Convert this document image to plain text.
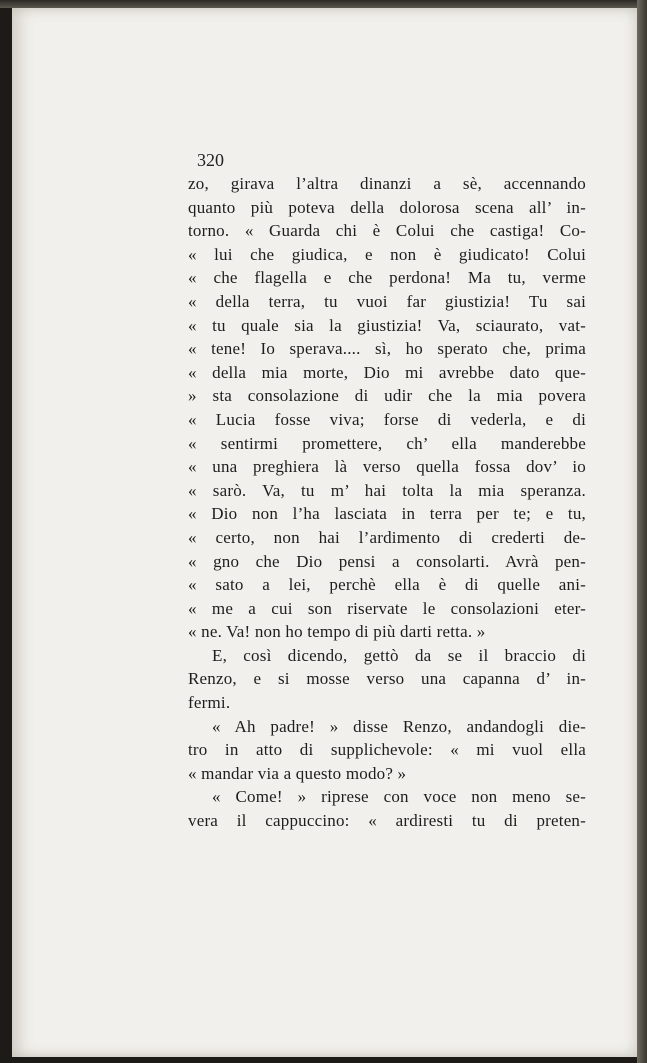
320
zo, girava l’altra dinanzi a sè, accennando
quanto più poteva della dolorosa scena all’ in-
torno. « Guarda chi è Colui che castiga! Co-
« lui che giudica, e non è giudicato! Colui
« che flagella e che perdona! Ma tu, verme
« della terra, tu vuoi far giustizia! Tu sai
« tu quale sia la giustizia! Va, sciaurato, vat-
« tene! Io sperava.... sì, ho sperato che, prima
« della mia morte, Dio mi avrebbe dato que-
» sta consolazione di udir che la mia povera
« Lucia fosse viva; forse di vederla, e di
« sentirmi promettere, ch’ ella manderebbe
« una preghiera là verso quella fossa dov’ io
« sarò. Va, tu m’ hai tolta la mia speranza.
« Dio non l’ha lasciata in terra per te; e tu,
« certo, non hai l’ardimento di crederti de-
« gno che Dio pensi a consolarti. Avrà pen-
« sato a lei, perchè ella è di quelle ani-
« me a cui son riservate le consolazioni eter-
« ne. Va! non ho tempo di più darti retta. »
E, così dicendo, gettò da se il braccio di
Renzo, e si mosse verso una capanna d’ in-
fermi.
« Ah padre! » disse Renzo, andandogli die-
tro in atto di supplichevole: « mi vuol ella
« mandar via a questo modo? »
« Come! » riprese con voce non meno se-
vera il cappuccino: « ardiresti tu di preten-
